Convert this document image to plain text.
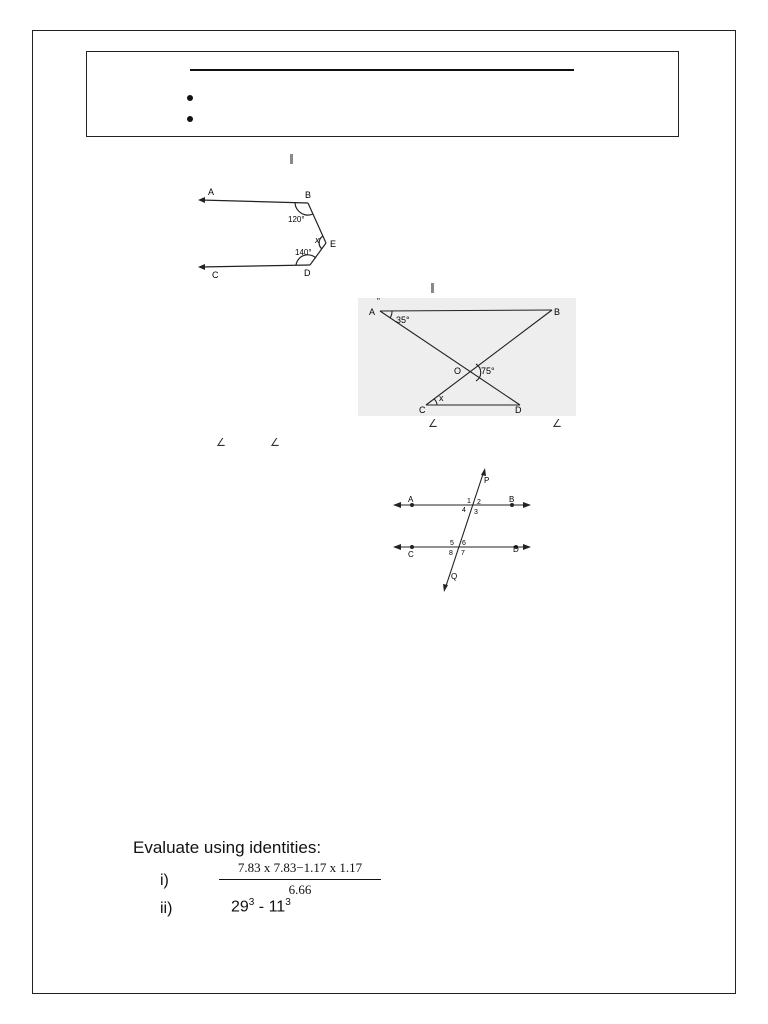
A	B
E
D
C
120°
140°
x
"
A	B
O
C	D
35°
75°
x
∠	∠
∠	∠
P
Q
A	B
C
D
1 2
3
4
5 6
7
8
Evaluate using identities:
i)
7.83 x 7.83−1.17 x 1.17
6.66
ii)	$29^3 - 11^3$
